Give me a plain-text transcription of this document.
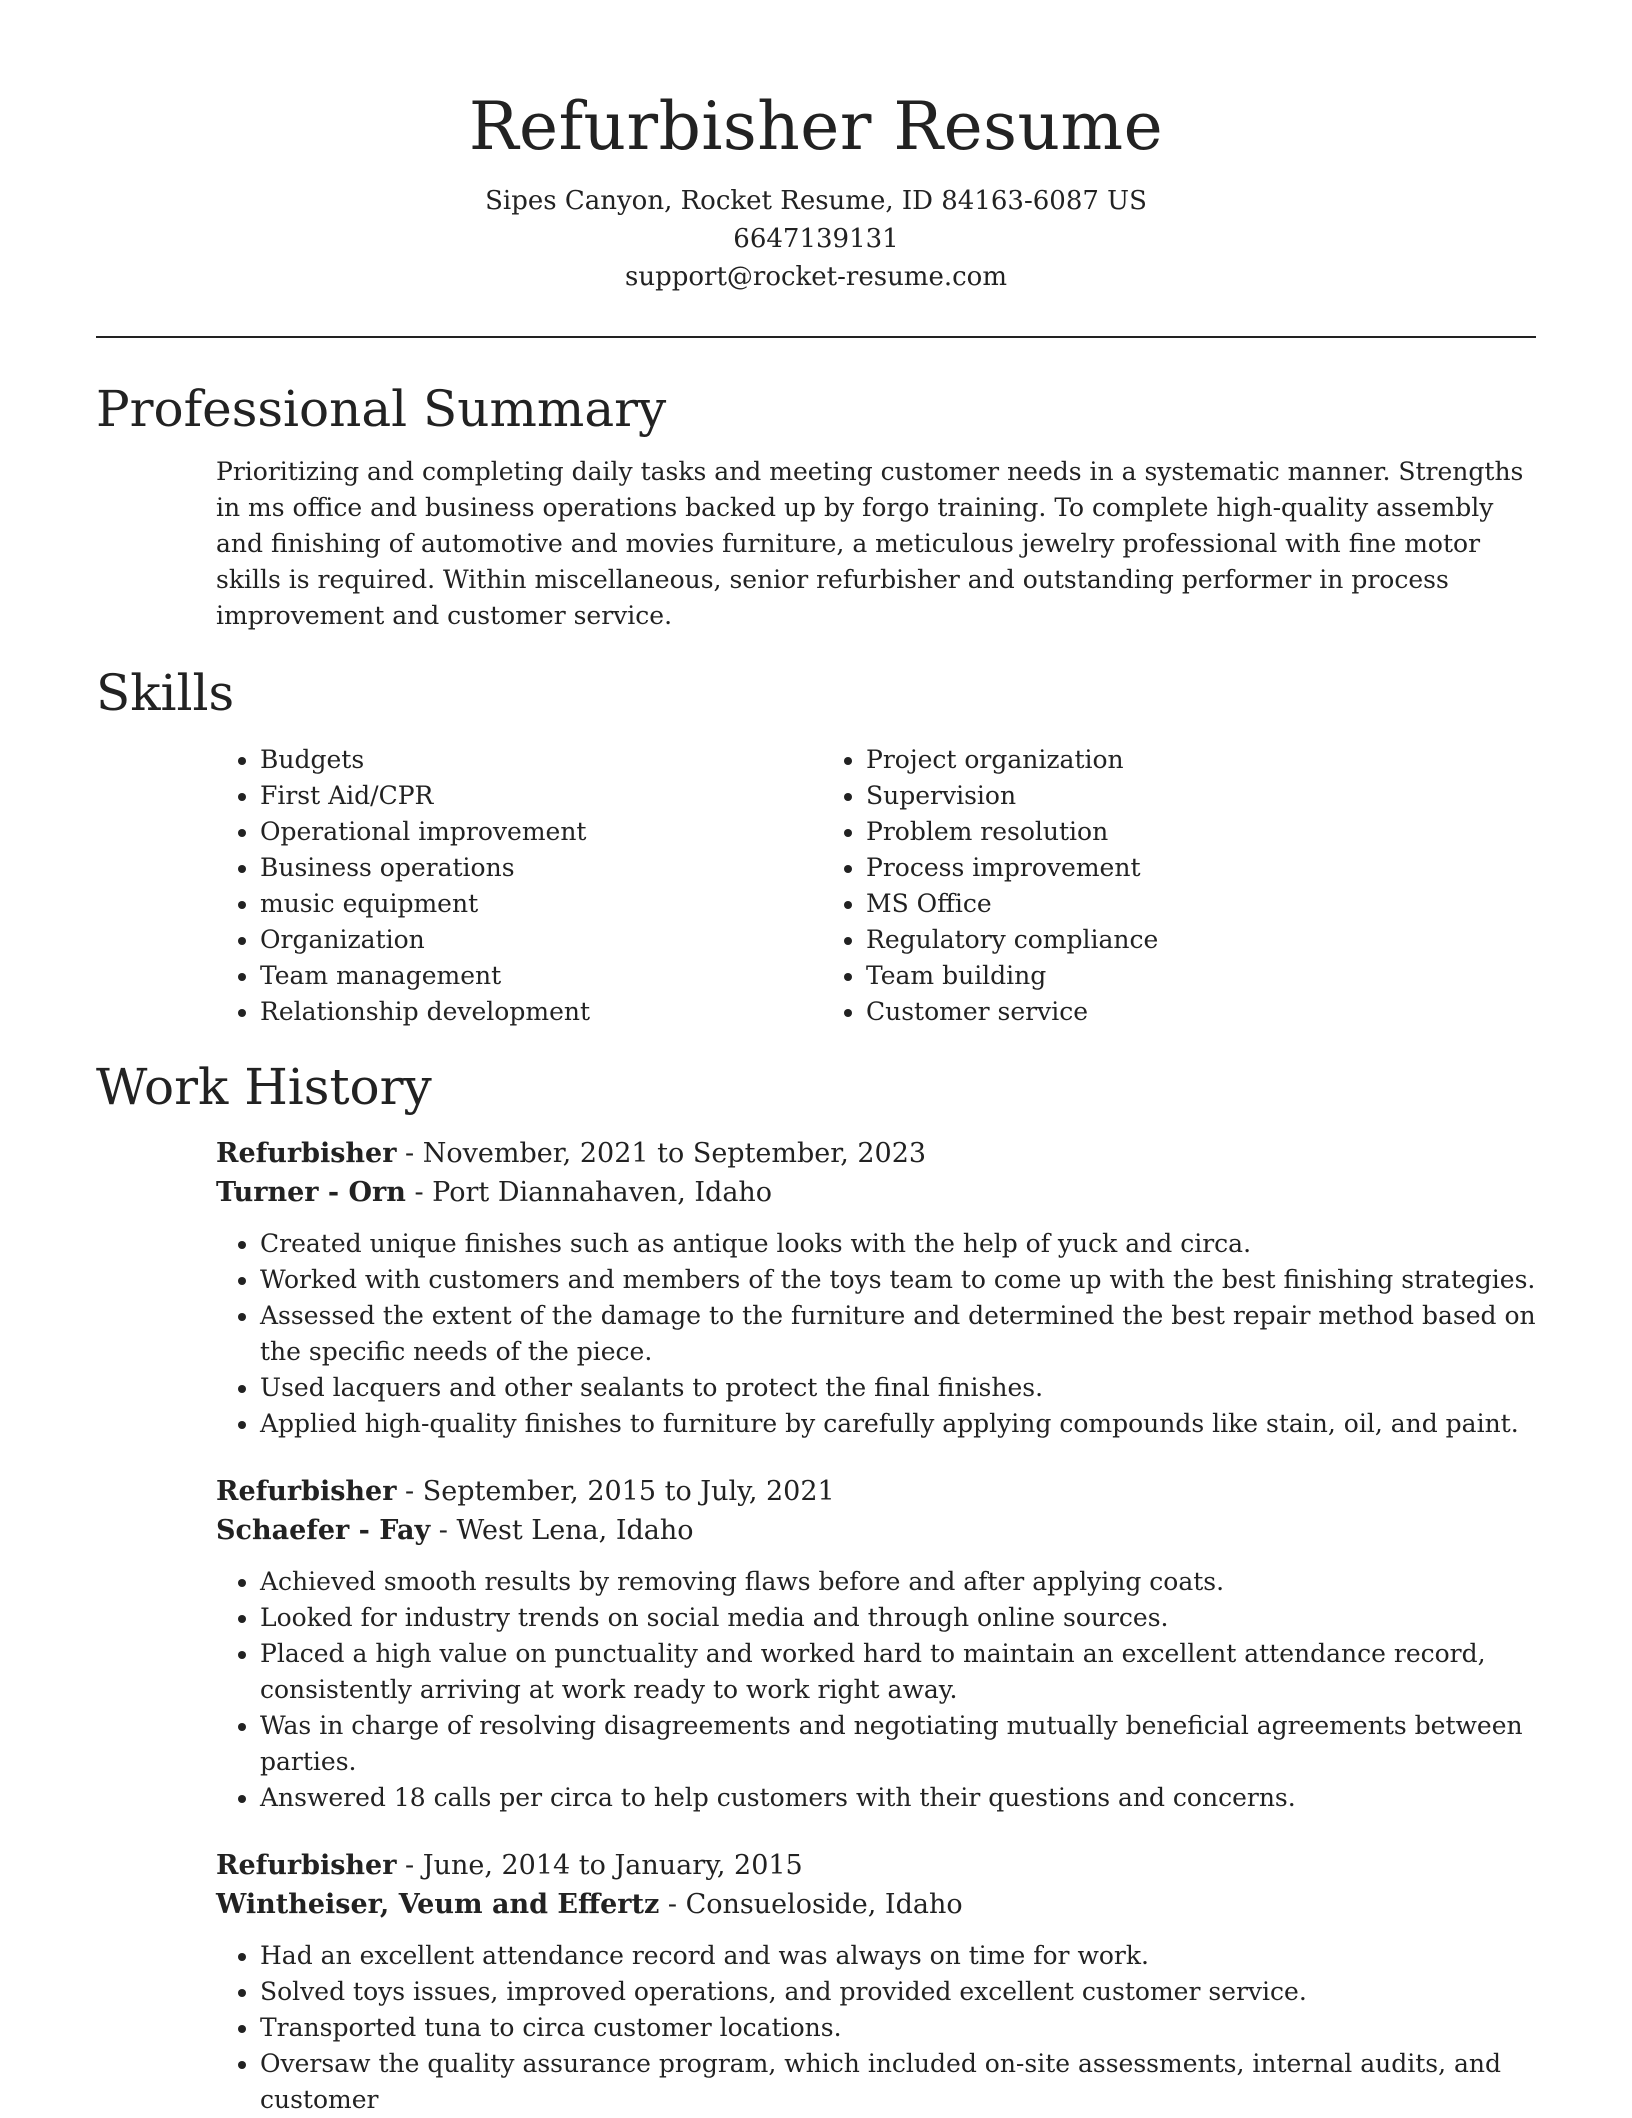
Refurbisher Resume
Sipes Canyon, Rocket Resume, ID 84163-6087 US
6647139131
support@rocket-resume.com
Professional Summary

Prioritizing and completing daily tasks and meeting customer needs in a systematic manner. Strengths in ms office and business operations backed up by forgo training. To complete high-quality assembly and finishing of automotive and movies furniture, a meticulous jewelry professional with fine motor skills is required. Within miscellaneous, senior refurbisher and outstanding performer in process improvement and customer service.

Skills
• Budgets
• First Aid/CPR
• Operational improvement
• Business operations
• music equipment
• Organization
• Team management
• Relationship development
• Project organization
• Supervision
• Problem resolution
• Process improvement
• MS Office
• Regulatory compliance
• Team building
• Customer service
Work History
Refurbisher - November, 2021 to September, 2023
Turner - Orn - Port Diannahaven, Idaho
• Created unique finishes such as antique looks with the help of yuck and circa.
• Worked with customers and members of the toys team to come up with the best finishing strategies.
• Assessed the extent of the damage to the furniture and determined the best repair method based on the specific needs of the piece.
• Used lacquers and other sealants to protect the final finishes.
• Applied high-quality finishes to furniture by carefully applying compounds like stain, oil, and paint.
Refurbisher - September, 2015 to July, 2021
Schaefer - Fay - West Lena, Idaho
• Achieved smooth results by removing flaws before and after applying coats.
• Looked for industry trends on social media and through online sources.
• Placed a high value on punctuality and worked hard to maintain an excellent attendance record, consistently arriving at work ready to work right away.
• Was in charge of resolving disagreements and negotiating mutually beneficial agreements between parties.
• Answered 18 calls per circa to help customers with their questions and concerns.
Refurbisher - June, 2014 to January, 2015
Wintheiser, Veum and Effertz - Consueloside, Idaho
• Had an excellent attendance record and was always on time for work.
• Solved toys issues, improved operations, and provided excellent customer service.
• Transported tuna to circa customer locations.
• Oversaw the quality assurance program, which included on-site assessments, internal audits, and customer
